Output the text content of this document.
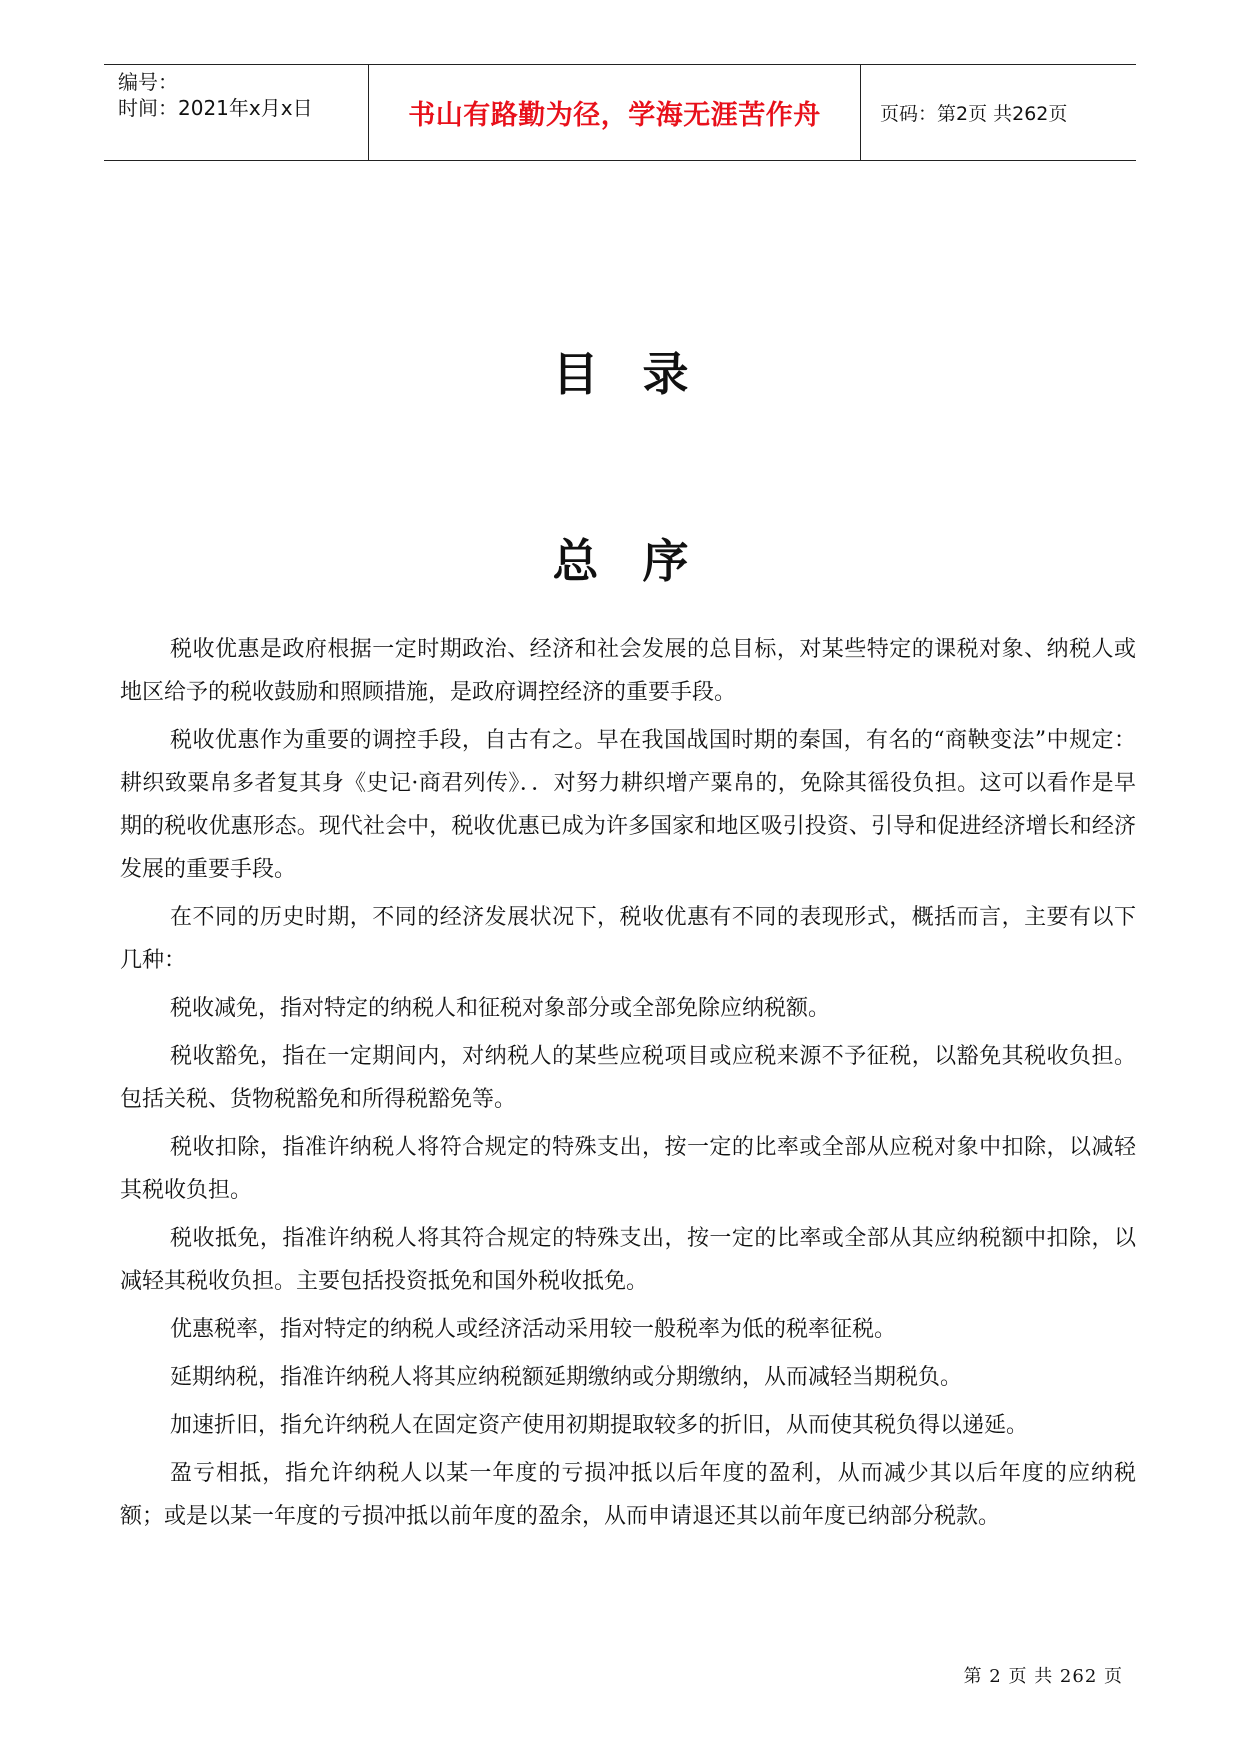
编号：
时间：2021年x月x日	书山有路勤为径，学海无涯苦作舟	页码：第2页 共262页
目录
总序

税收优惠是政府根据一定时期政治、经济和社会发展的总目标，对某些特定的课税对象、纳税人或地区给予的税收鼓励和照顾措施，是政府调控经济的重要手段。

税收优惠作为重要的调控手段，自古有之。早在我国战国时期的秦国，有名的“商鞅变法”中规定：耕织致粟帛多者复其身《史记·商君列传》．．对努力耕织增产粟帛的，免除其徭役负担。这可以看作是早期的税收优惠形态。现代社会中，税收优惠已成为许多国家和地区吸引投资、引导和促进经济增长和经济发展的重要手段。

在不同的历史时期，不同的经济发展状况下，税收优惠有不同的表现形式，概括而言，主要有以下几种：

税收减免，指对特定的纳税人和征税对象部分或全部免除应纳税额。

税收豁免，指在一定期间内，对纳税人的某些应税项目或应税来源不予征税，以豁免其税收负担。包括关税、货物税豁免和所得税豁免等。

税收扣除，指准许纳税人将符合规定的特殊支出，按一定的比率或全部从应税对象中扣除，以减轻其税收负担。

税收抵免，指准许纳税人将其符合规定的特殊支出，按一定的比率或全部从其应纳税额中扣除，以减轻其税收负担。主要包括投资抵免和国外税收抵免。

优惠税率，指对特定的纳税人或经济活动采用较一般税率为低的税率征税。

延期纳税，指准许纳税人将其应纳税额延期缴纳或分期缴纳，从而减轻当期税负。

加速折旧，指允许纳税人在固定资产使用初期提取较多的折旧，从而使其税负得以递延。

盈亏相抵，指允许纳税人以某一年度的亏损冲抵以后年度的盈利，从而减少其以后年度的应纳税额；或是以某一年度的亏损冲抵以前年度的盈余，从而申请退还其以前年度已纳部分税款。

第 2 页 共 262 页
